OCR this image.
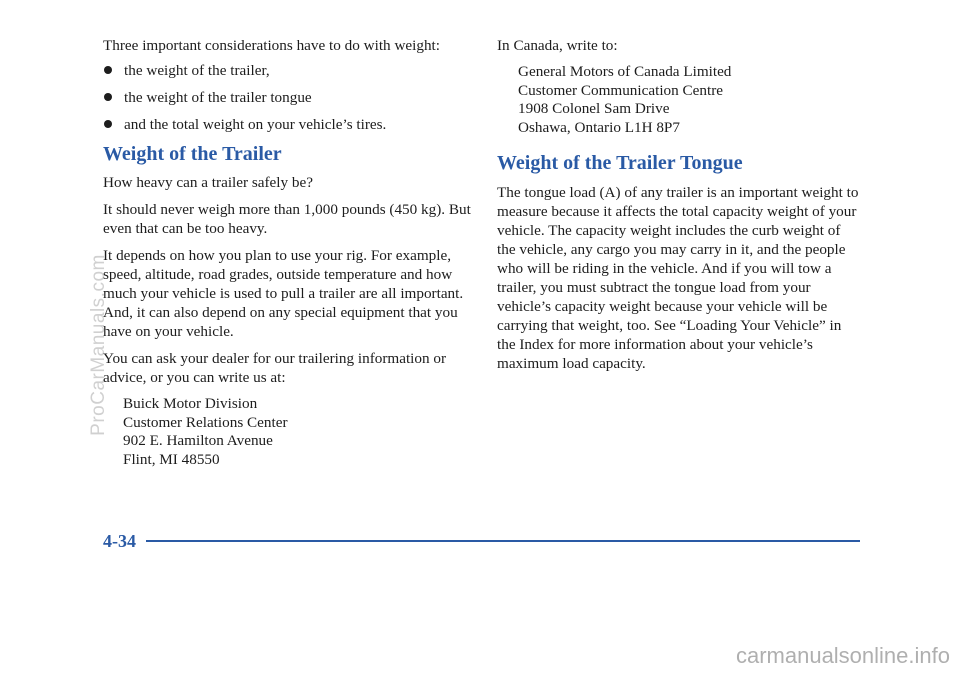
Three important considerations have to do with weight:

the weight of the trailer,
the weight of the trailer tongue
and the total weight on your vehicle’s tires.
Weight of the Trailer

How heavy can a trailer safely be?

It should never weigh more than 1,000 pounds (450 kg). But even that can be too heavy.

It depends on how you plan to use your rig. For example, speed, altitude, road grades, outside temperature and how much your vehicle is used to pull a trailer are all important. And, it can also depend on any special equipment that you have on your vehicle.

You can ask your dealer for our trailering information or advice, or you can write us at:

Buick Motor Division

Customer Relations Center

902 E. Hamilton Avenue

Flint, MI 48550

In Canada, write to:

General Motors of Canada Limited

Customer Communication Centre

1908 Colonel Sam Drive

Oshawa, Ontario L1H 8P7

Weight of the Trailer Tongue

The tongue load (A) of any trailer is an important weight to measure because it affects the total capacity weight of your vehicle. The capacity weight includes the curb weight of the vehicle, any cargo you may carry in it, and the people who will be riding in the vehicle. And if you will tow a trailer, you must subtract the tongue load from your vehicle’s capacity weight because your vehicle will be carrying that weight, too. See “Loading Your Vehicle” in the Index for more information about your vehicle’s maximum load capacity.

4-34
ProCarManuals.com
carmanualsonline.info
